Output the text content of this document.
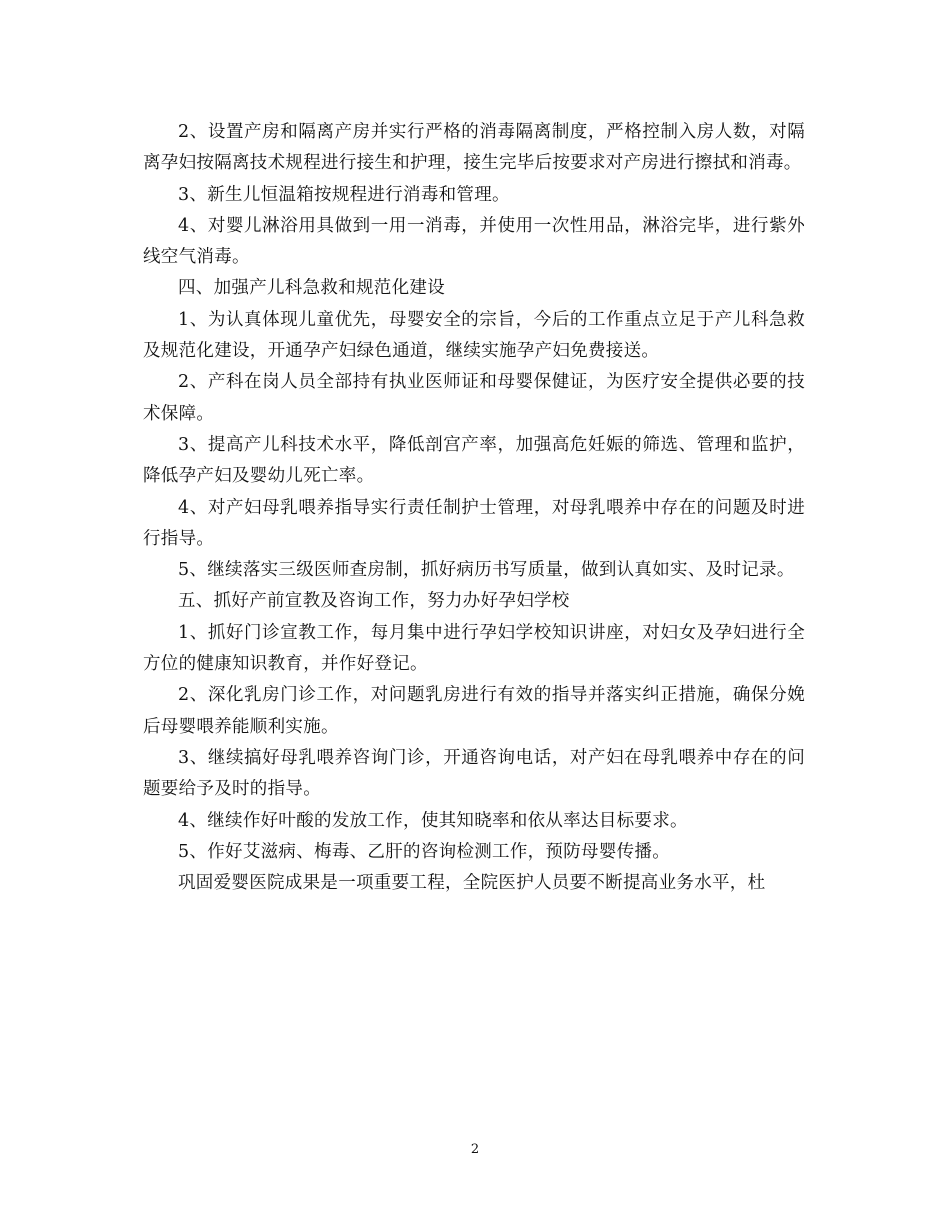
2、设置产房和隔离产房并实行严格的消毒隔离制度，严格控制入房人数，对隔离孕妇按隔离技术规程进行接生和护理，接生完毕后按要求对产房进行擦拭和消毒。

3、新生儿恒温箱按规程进行消毒和管理。

4、对婴儿淋浴用具做到一用一消毒，并使用一次性用品，淋浴完毕，进行紫外线空气消毒。

四、加强产儿科急救和规范化建设

1、为认真体现儿童优先，母婴安全的宗旨，今后的工作重点立足于产儿科急救及规范化建设，开通孕产妇绿色通道，继续实施孕产妇免费接送。

2、产科在岗人员全部持有执业医师证和母婴保健证，为医疗安全提供必要的技术保障。

3、提高产儿科技术水平，降低剖宫产率，加强高危妊娠的筛选、管理和监护，降低孕产妇及婴幼儿死亡率。

4、对产妇母乳喂养指导实行责任制护士管理，对母乳喂养中存在的问题及时进行指导。

5、继续落实三级医师查房制，抓好病历书写质量，做到认真如实、及时记录。

五、抓好产前宣教及咨询工作，努力办好孕妇学校

1、抓好门诊宣教工作，每月集中进行孕妇学校知识讲座，对妇女及孕妇进行全方位的健康知识教育，并作好登记。

2、深化乳房门诊工作，对问题乳房进行有效的指导并落实纠正措施，确保分娩后母婴喂养能顺利实施。

3、继续搞好母乳喂养咨询门诊，开通咨询电话，对产妇在母乳喂养中存在的问题要给予及时的指导。

4、继续作好叶酸的发放工作，使其知晓率和依从率达目标要求。

5、作好艾滋病、梅毒、乙肝的咨询检测工作，预防母婴传播。

巩固爱婴医院成果是一项重要工程，全院医护人员要不断提高业务水平，杜

2
